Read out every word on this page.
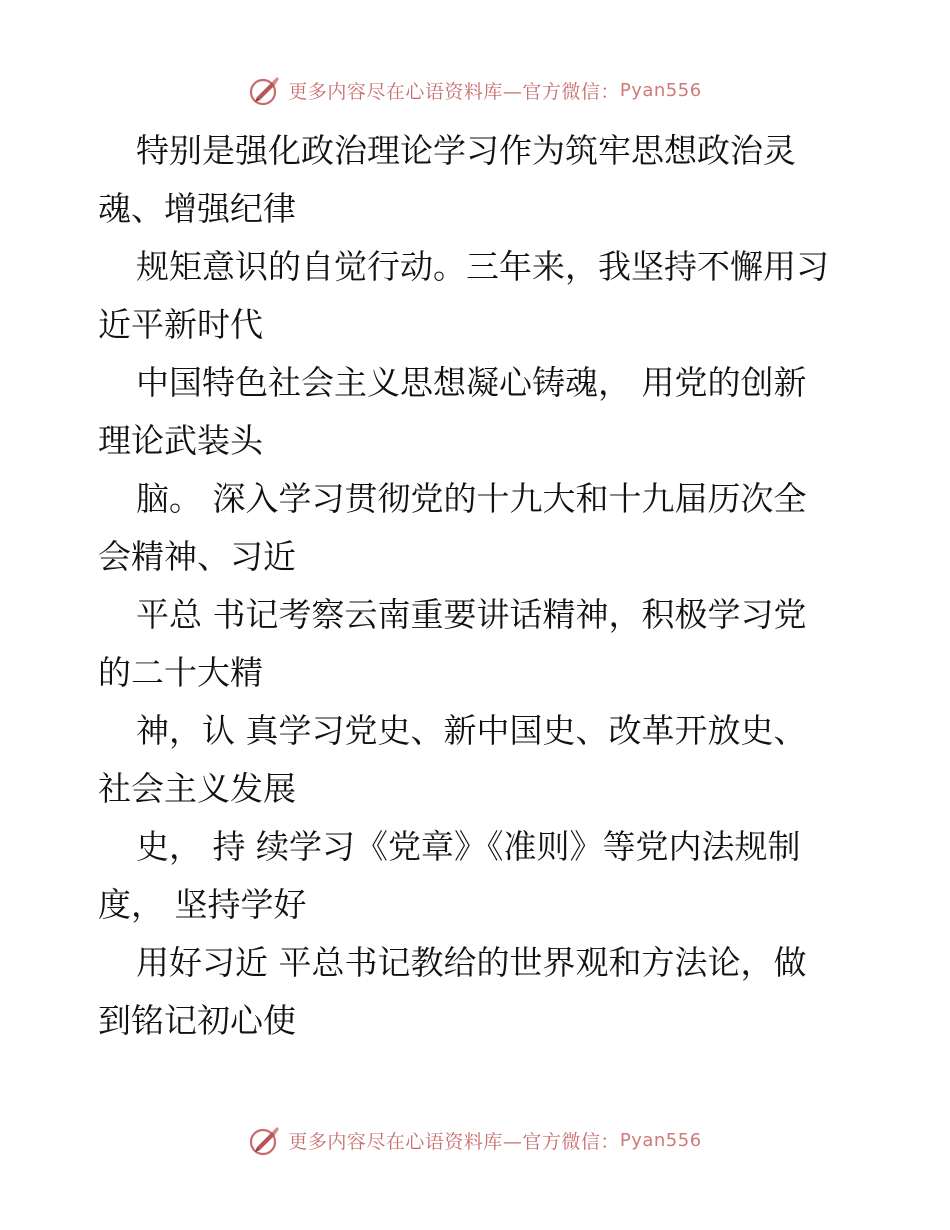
更多内容尽在心语资料库—官方微信： Pyan556

特别是强化政治理论学习作为筑牢思想政治灵
魂、增强纪律

规矩意识的自觉行动。三年来，我坚持不懈用习
近平新时代

中国特色社会主义思想凝心铸魂， 用党的创新
理论武装头

脑。 深入学习贯彻党的十九大和十九届历次全
会精神、习近

平总 书记考察云南重要讲话精神，积极学习党
的二十大精

神，认 真学习党史、新中国史、改革开放史、
社会主义发展

史， 持 续学习《党章》《准则》等党内法规制
度， 坚持学好

用好习近 平总书记教给的世界观和方法论，做
到铭记初心使

更多内容尽在心语资料库—官方微信： Pyan556
